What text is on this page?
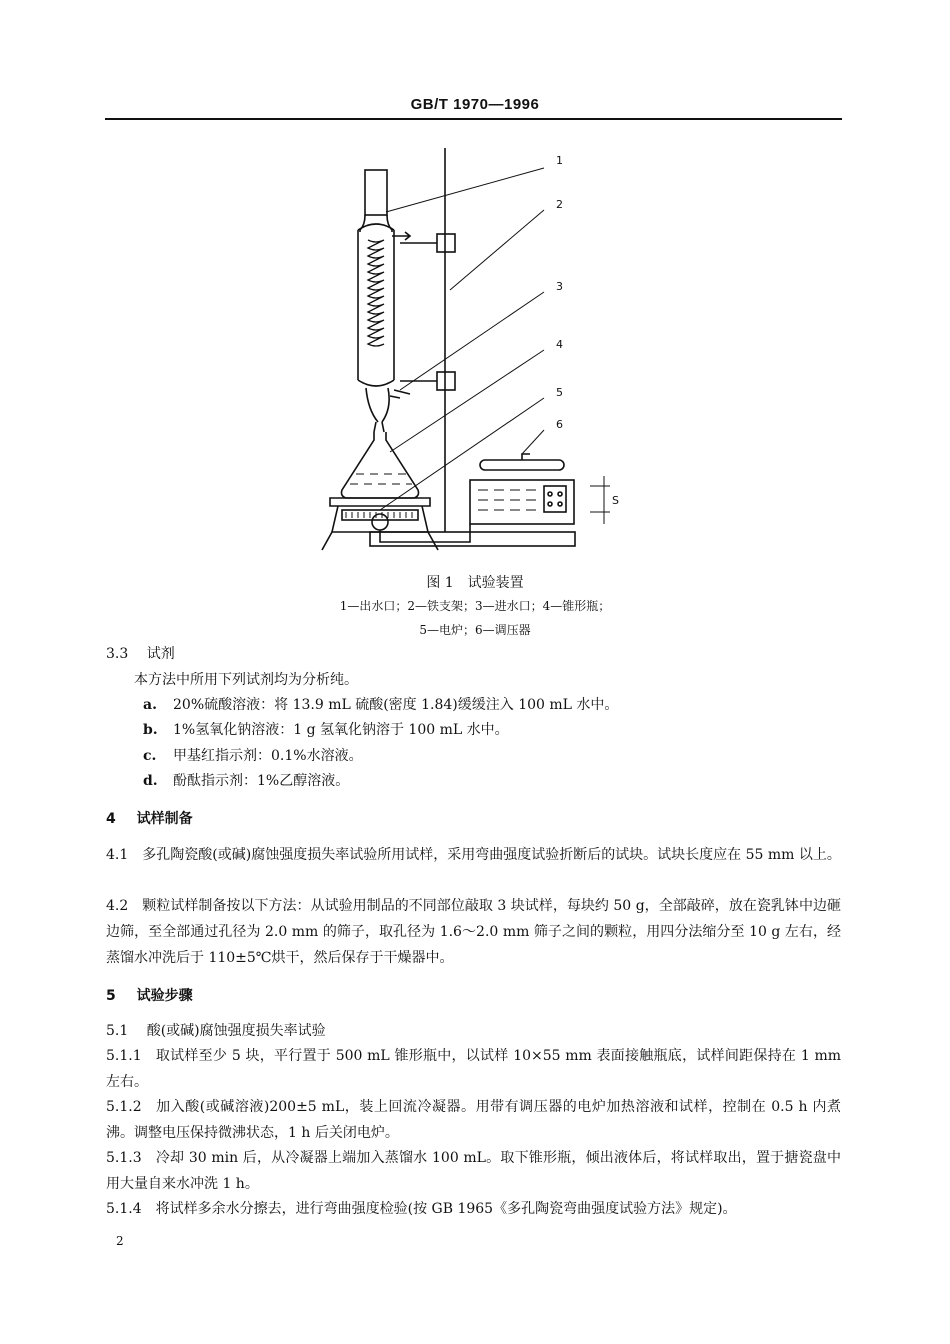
GB/T 1970—1996
S
1
2
3
4
5
6
图 1　试验装置
1—出水口；2—铁支架；3—进水口；4—锥形瓶；
5—电炉；6—调压器
3.3 试剂
本方法中所用下列试剂均为分析纯。
a. 20%硫酸溶液：将 13.9 mL 硫酸(密度 1.84)缓缓注入 100 mL 水中。
b. 1%氢氧化钠溶液：1 g 氢氧化钠溶于 100 mL 水中。
c. 甲基红指示剂：0.1%水溶液。
d. 酚酞指示剂：1%乙醇溶液。
4 试样制备
4.1 多孔陶瓷酸(或碱)腐蚀强度损失率试验所用试样，采用弯曲强度试验折断后的试块。试块长度应在 55 mm 以上。
4.2 颗粒试样制备按以下方法：从试验用制品的不同部位敲取 3 块试样，每块约 50 g，全部敲碎，放在瓷乳钵中边砸边筛，至全部通过孔径为 2.0 mm 的筛子，取孔径为 1.6～2.0 mm 筛子之间的颗粒，用四分法缩分至 10 g 左右，经蒸馏水冲洗后于 110±5℃烘干，然后保存于干燥器中。
5 试验步骤
5.1 酸(或碱)腐蚀强度损失率试验
5.1.1 取试样至少 5 块，平行置于 500 mL 锥形瓶中，以试样 10×55 mm 表面接触瓶底，试样间距保持在 1 mm 左右。
5.1.2 加入酸(或碱溶液)200±5 mL，装上回流冷凝器。用带有调压器的电炉加热溶液和试样，控制在 0.5 h 内煮沸。调整电压保持微沸状态，1 h 后关闭电炉。
5.1.3 冷却 30 min 后，从冷凝器上端加入蒸馏水 100 mL。取下锥形瓶，倾出液体后，将试样取出，置于搪瓷盘中用大量自来水冲洗 1 h。
5.1.4 将试样多余水分擦去，进行弯曲强度检验(按 GB 1965《多孔陶瓷弯曲强度试验方法》规定)。
2
